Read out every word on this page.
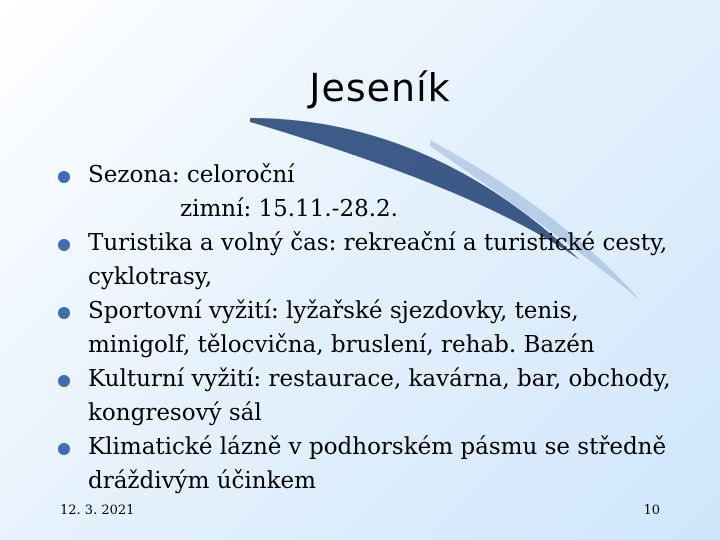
Jeseník
Sezona: celoroční
zimní: 15.11.-28.2.
Turistika a volný čas: rekreační a turistické cesty,
cyklotrasy,
Sportovní vyžití: lyžařské sjezdovky, tenis,
minigolf, tělocvična, bruslení, rehab. Bazén
Kulturní vyžití: restaurace, kavárna, bar, obchody,
kongresový sál
Klimatické lázně v podhorském pásmu se středně
dráždivým účinkem
12. 3. 2021	10
